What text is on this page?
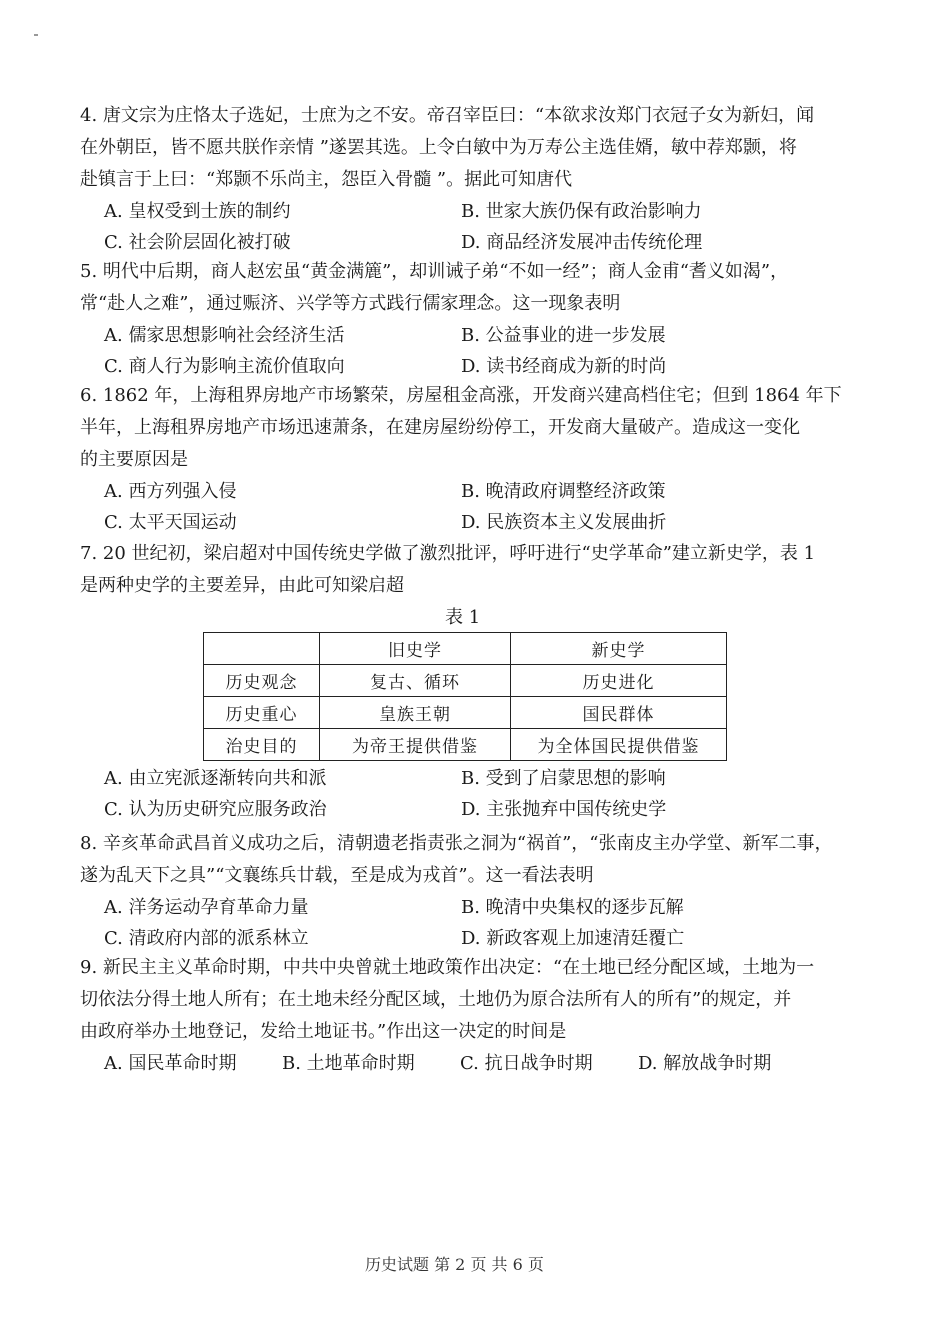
4. 唐文宗为庄恪太子选妃，士庶为之不安。帝召宰臣曰：“本欲求汝郑门衣冠子女为新妇，闻
在外朝臣，皆不愿共朕作亲情 ”遂罢其选。上令白敏中为万寿公主选佳婿，敏中荐郑颢，将
赴镇言于上曰：“郑颢不乐尚主，怨臣入骨髓 ”。据此可知唐代
A. 皇权受到士族的制约	B. 世家大族仍保有政治影响力
C. 社会阶层固化被打破	D. 商品经济发展冲击传统伦理
5. 明代中后期，商人赵宏虽“黄金满簏”，却训诫子弟“不如一经”；商人金甫“耆义如渴”，
常“赴人之难”，通过赈济、兴学等方式践行儒家理念。这一现象表明
A. 儒家思想影响社会经济生活	B. 公益事业的进一步发展
C. 商人行为影响主流价值取向	D. 读书经商成为新的时尚
6. 1862 年，上海租界房地产市场繁荣，房屋租金高涨，开发商兴建高档住宅；但到 1864 年下
半年，上海租界房地产市场迅速萧条，在建房屋纷纷停工，开发商大量破产。造成这一变化
的主要原因是
A. 西方列强入侵	B. 晚清政府调整经济政策
C. 太平天国运动	D. 民族资本主义发展曲折
7. 20 世纪初，梁启超对中国传统史学做了激烈批评，呼吁进行“史学革命”建立新史学，表 1
是两种史学的主要差异，由此可知梁启超
表 1
	旧史学	新史学
历史观念	复古、循环	历史进化
历史重心	皇族王朝	国民群体
治史目的	为帝王提供借鉴	为全体国民提供借鉴
A. 由立宪派逐渐转向共和派	B. 受到了启蒙思想的影响
C. 认为历史研究应服务政治	D. 主张抛弃中国传统史学
8. 辛亥革命武昌首义成功之后，清朝遗老指责张之洞为“祸首”，“张南皮主办学堂、新军二事，
遂为乱天下之具”“文襄练兵廿载，至是成为戎首”。这一看法表明
A. 洋务运动孕育革命力量	B. 晚清中央集权的逐步瓦解
C. 清政府内部的派系林立	D. 新政客观上加速清廷覆亡
9. 新民主主义革命时期，中共中央曾就土地政策作出决定：“在土地已经分配区域，土地为一
切依法分得土地人所有；在土地未经分配区域，土地仍为原合法所有人的所有”的规定，并
由政府举办土地登记，发给土地证书。”作出这一决定的时间是
A. 国民革命时期	B. 土地革命时期	C. 抗日战争时期	D. 解放战争时期
历史试题 第 2 页 共 6 页
